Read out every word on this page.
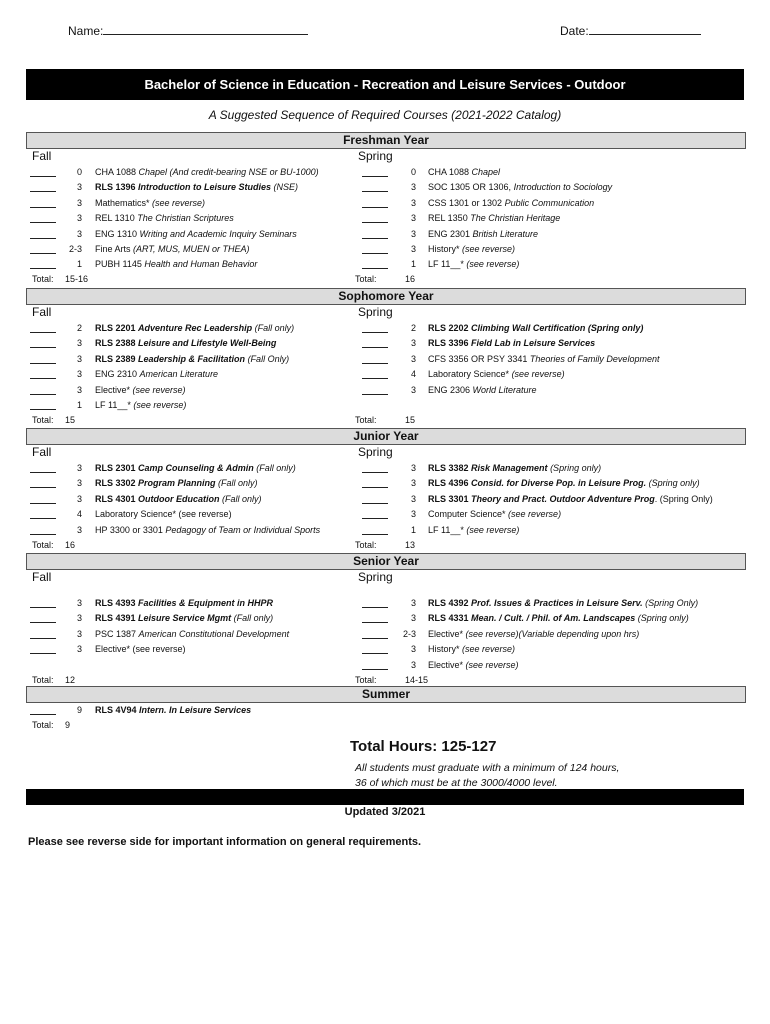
Name:	Date:
Bachelor of Science in Education - Recreation and Leisure Services - Outdoor
A Suggested Sequence of Required Courses (2021-2022 Catalog)
Freshman Year
Fall	Spring
0 CHA 1088 Chapel (And credit-bearing NSE or BU-1000)
3 RLS 1396 Introduction to Leisure Studies (NSE)
3 Mathematics* (see reverse)
3 REL 1310 The Christian Scriptures
3 ENG 1310 Writing and Academic Inquiry Seminars
2-3 Fine Arts (ART, MUS, MUEN or THEA)
1 PUBH 1145 Health and Human Behavior
0 CHA 1088 Chapel
3 SOC 1305 OR 1306, Introduction to Sociology
3 CSS 1301 or 1302 Public Communication
3 REL 1350 The Christian Heritage
3 ENG 2301 British Literature
3 History* (see reverse)
1 LF 11__* (see reverse)
Total: 15-16	Total:	16
Sophomore Year
Fall	Spring
2 RLS 2201 Adventure Rec Leadership (Fall only)
3 RLS 2388 Leisure and Lifestyle Well-Being
3 RLS 2389 Leadership & Facilitation (Fall Only)
3 ENG 2310 American Literature
3 Elective* (see reverse)
1 LF 11__* (see reverse)
2 RLS 2202 Climbing Wall Certification (Spring only)
3 RLS 3396 Field Lab in Leisure Services
3 CFS 3356 OR PSY 3341 Theories of Family Development
4 Laboratory Science* (see reverse)
3 ENG 2306 World Literature
Total: 15	Total:	15
Junior Year
Fall	Spring
3 RLS 2301 Camp Counseling & Admin (Fall only)
3 RLS 3302 Program Planning (Fall only)
3 RLS 4301 Outdoor Education (Fall only)
4 Laboratory Science* (see reverse)
3 HP 3300 or 3301 Pedagogy of Team or Individual Sports
3 RLS 3382 Risk Management (Spring only)
3 RLS 4396 Consid. for Diverse Pop. in Leisure Prog. (Spring only)
3 RLS 3301 Theory and Pract. Outdoor Adventure Prog. (Spring Only)
3 Computer Science* (see reverse)
1 LF 11__* (see reverse)
Total: 16	Total:	13
Senior Year
Fall	Spring
3 RLS 4393 Facilities & Equipment in HHPR
3 RLS 4391 Leisure Service Mgmt (Fall only)
3 PSC 1387 American Constitutional Development
3 Elective* (see reverse)
3 RLS 4392 Prof. Issues & Practices in Leisure Serv. (Spring Only)
3 RLS 4331 Mean. / Cult. / Phil. of Am. Landscapes (Spring only)
2-3 Elective* (see reverse)(Variable depending upon hrs)
3 History* (see reverse)
3 Elective* (see reverse)
Total: 12	Total:	14-15
Summer
9 RLS 4V94 Intern. In Leisure Services
Total: 9
Total Hours: 125-127
All students must graduate with a minimum of 124 hours,
36 of which must be at the 3000/4000 level.
Updated 3/2021
Please see reverse side for important information on general requirements.
